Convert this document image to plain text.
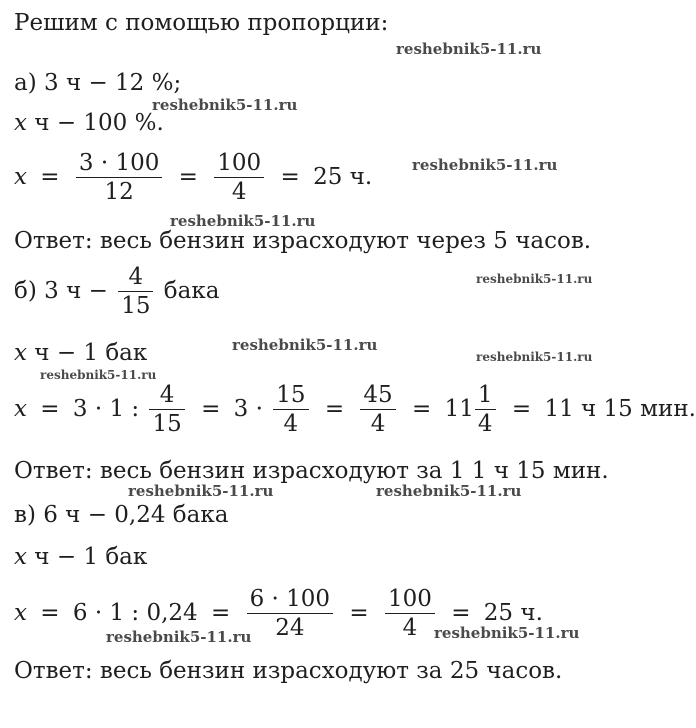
Решим с помощью пропорции:
а) 3 ч − 12 %;
x ч − 100 %.
$x = \frac{3 \cdot 100}{12} = \frac{100}{4} = 25$ ч.
Ответ: весь бензин израсходуют через 5 часов.
б) 3 $ч - \frac{4}{15}$ бака
x ч − 1 бак
x = 3 · 1 : $\frac{4}{15} = 3 \cdot \frac{15}{4} = \frac{45}{4} = 11 \frac{1}{4} = 11$ ч 15 мин.
Ответ: весь бензин израсходуют за 1 1 ч 15 мин.
в) 6 ч − 0,24 бака
x ч − 1 бак
x = 6 · 1 : $0,24 = \frac{6 \cdot 100}{24} = \frac{100}{4} = 25$ ч.
Ответ: весь бензин израсходуют за 25 часов.
reshebnik5-11.ru
reshebnik5-11.ru
reshebnik5-11.ru
reshebnik5-11.ru
reshebnik5-11.ru
reshebnik5-11.ru
reshebnik5-11.ru
reshebnik5-11.ru
reshebnik5-11.ru	reshebnik5-11.ru
reshebnik5-11.ru	reshebnik5-11.ru
